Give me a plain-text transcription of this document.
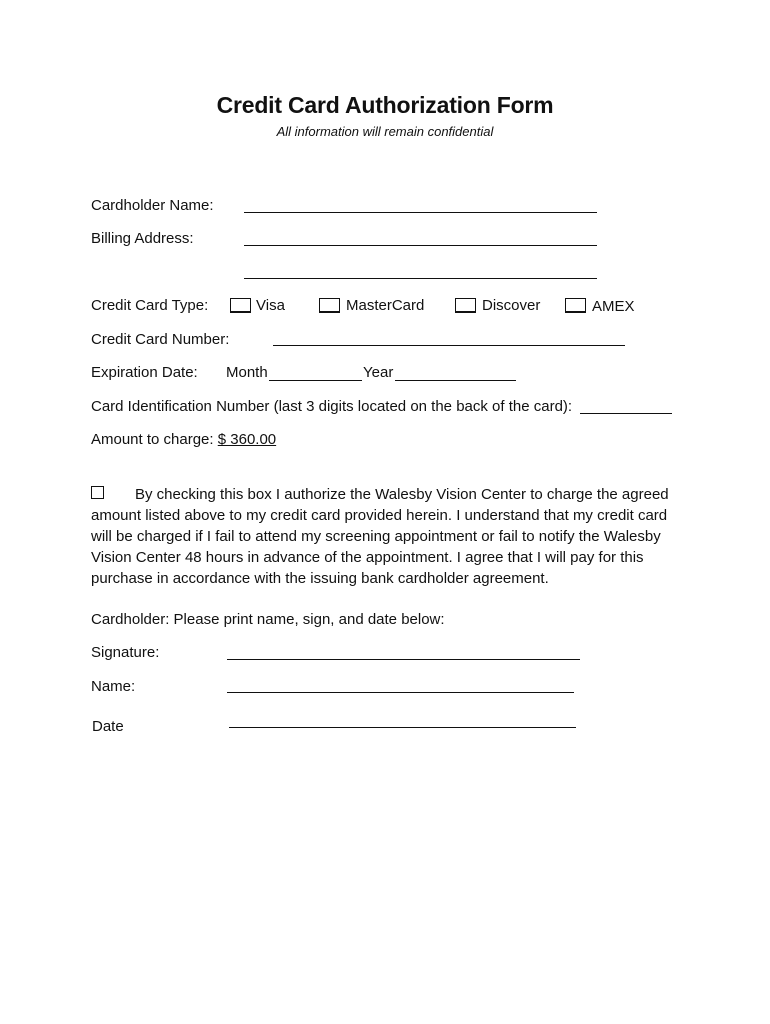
Credit Card Authorization Form
All information will remain confidential
Cardholder Name:
Billing Address:
Credit Card Type:	Visa	MasterCard	Discover	AMEX
Credit Card Number:
Expiration Date: Month	Year
Card Identification Number (last 3 digits located on the back of the card):
Amount to charge: $ 360.00
By checking this box I authorize the Walesby Vision Center to charge the agreed amount listed above to my credit card provided herein. I understand that my credit card will be charged if I fail to attend my screening appointment or fail to notify the Walesby Vision Center 48 hours in advance of the appointment. I agree that I will pay for this purchase in accordance with the issuing bank cardholder agreement.
Cardholder: Please print name, sign, and date below:
Signature:
Name:
Date
